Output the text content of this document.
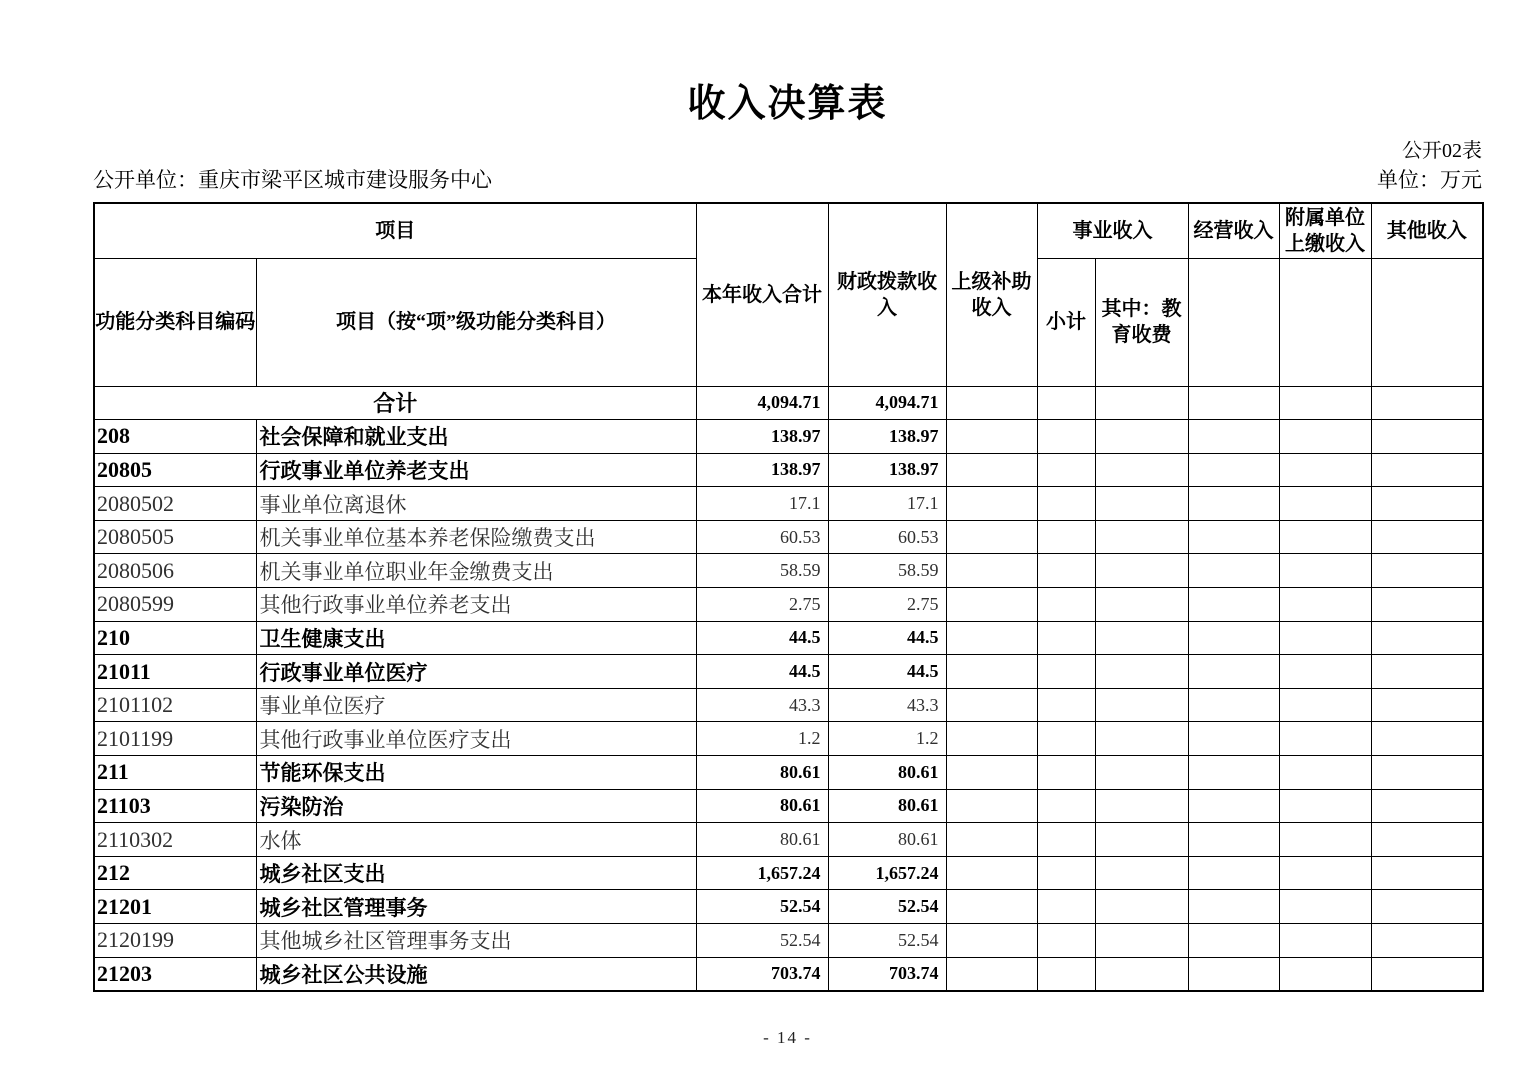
收入决算表
公开02表
公开单位：重庆市梁平区城市建设服务中心	单位：万元
项目		本年收入合计	财政拨款收入	上级补助收入	事业收入		经营收入	附属单位上缴收入	其他收入
功能分类科目编码	项目（按“项”级功能分类科目）				小计	其中：教育收费			
合计		4,094.71	4,094.71						
208	社会保障和就业支出	138.97	138.97						
20805	行政事业单位养老支出	138.97	138.97						
2080502	事业单位离退休	17.1	17.1						
2080505	机关事业单位基本养老保险缴费支出	60.53	60.53						
2080506	机关事业单位职业年金缴费支出	58.59	58.59						
2080599	其他行政事业单位养老支出	2.75	2.75						
210	卫生健康支出	44.5	44.5						
21011	行政事业单位医疗	44.5	44.5						
2101102	事业单位医疗	43.3	43.3						
2101199	其他行政事业单位医疗支出	1.2	1.2						
211	节能环保支出	80.61	80.61						
21103	污染防治	80.61	80.61						
2110302	水体	80.61	80.61						
212	城乡社区支出	1,657.24	1,657.24						
21201	城乡社区管理事务	52.54	52.54						
2120199	其他城乡社区管理事务支出	52.54	52.54						
21203	城乡社区公共设施	703.74	703.74						
- 14 -
